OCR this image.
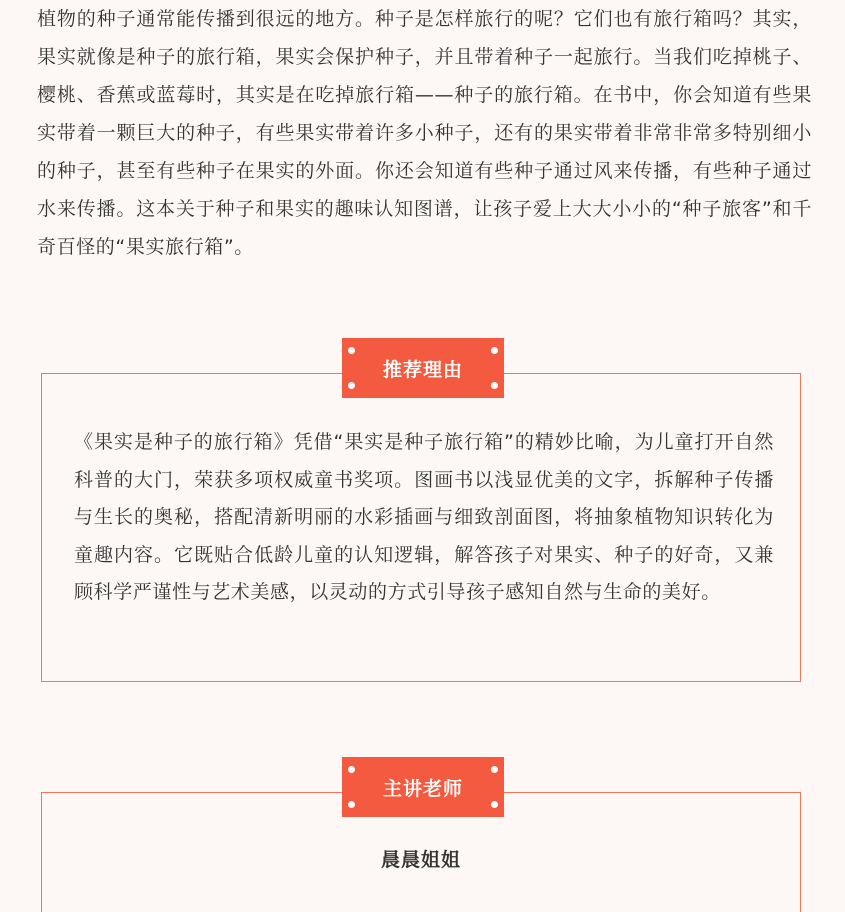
植物的种子通常能传播到很远的地方。种子是怎样旅行的呢？它们也有旅行箱吗？其实，果实就像是种子的旅行箱，果实会保护种子，并且带着种子一起旅行。当我们吃掉桃子、樱桃、香蕉或蓝莓时，其实是在吃掉旅行箱——种子的旅行箱。在书中，你会知道有些果实带着一颗巨大的种子，有些果实带着许多小种子，还有的果实带着非常非常多特别细小的种子，甚至有些种子在果实的外面。你还会知道有些种子通过风来传播，有些种子通过水来传播。这本关于种子和果实的趣味认知图谱，让孩子爱上大大小小的“种子旅客”和千奇百怪的“果实旅行箱”。

推荐理由

《果实是种子的旅行箱》凭借“果实是种子旅行箱”的精妙比喻，为儿童打开自然科普的大门，荣获多项权威童书奖项。图画书以浅显优美的文字，拆解种子传播与生长的奥秘，搭配清新明丽的水彩插画与细致剖面图，将抽象植物知识转化为童趣内容。它既贴合低龄儿童的认知逻辑，解答孩子对果实、种子的好奇，又兼顾科学严谨性与艺术美感，以灵动的方式引导孩子感知自然与生命的美好。

主讲老师

晨晨姐姐
